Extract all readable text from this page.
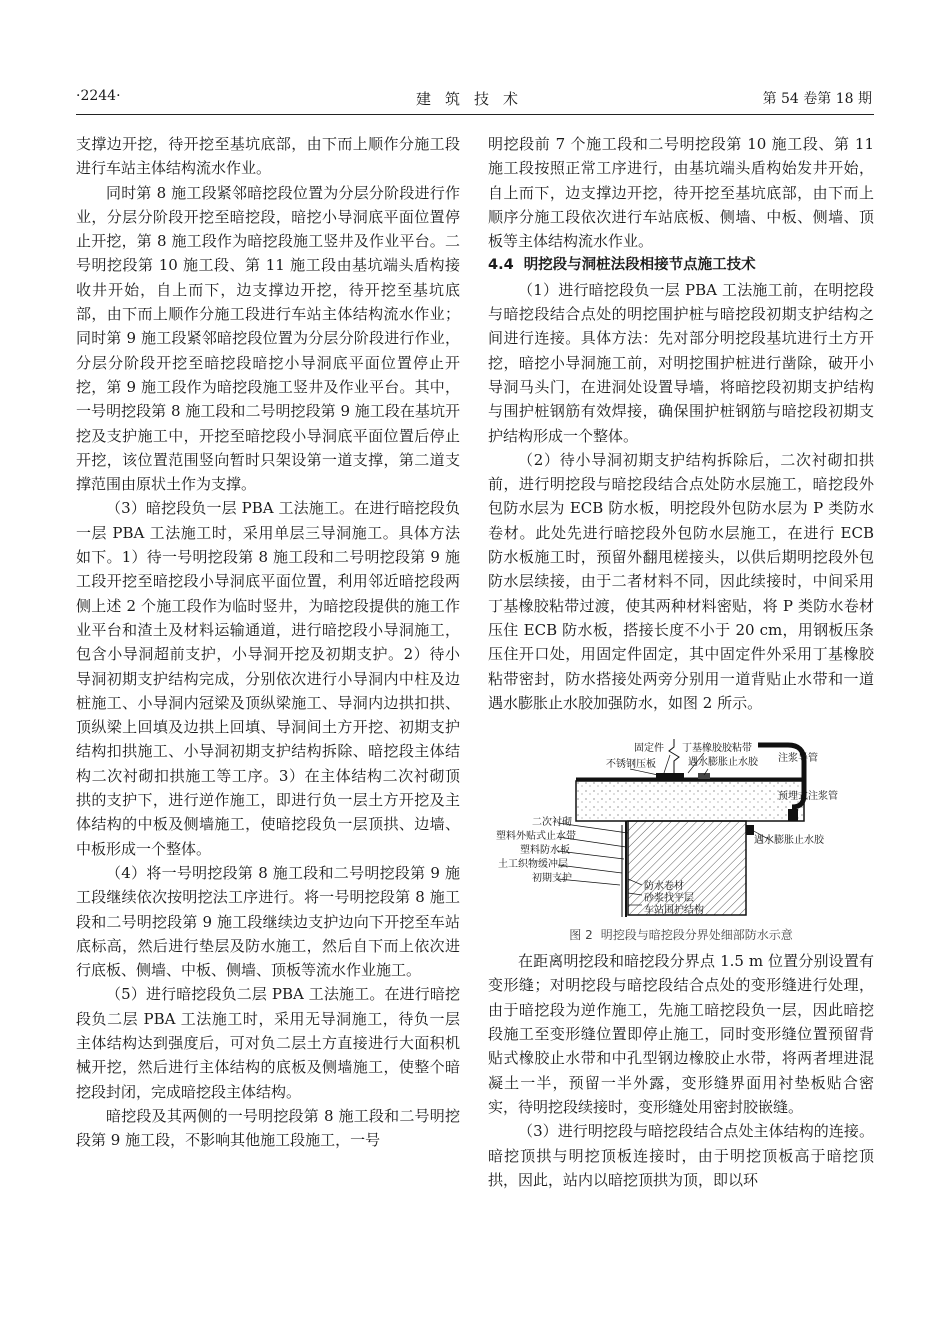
·2244·	建筑技术	第 54 卷第 18 期

支撑边开挖，待开挖至基坑底部，由下而上顺作分施工段进行车站主体结构流水作业。

同时第 8 施工段紧邻暗挖段位置为分层分阶段进行作业，分层分阶段开挖至暗挖段，暗挖小导洞底平面位置停止开挖，第 8 施工段作为暗挖段施工竖井及作业平台。二号明挖段第 10 施工段、第 11 施工段由基坑端头盾构接收井开始，自上而下，边支撑边开挖，待开挖至基坑底部，由下而上顺作分施工段进行车站主体结构流水作业；同时第 9 施工段紧邻暗挖段位置为分层分阶段进行作业，分层分阶段开挖至暗挖段暗挖小导洞底平面位置停止开挖，第 9 施工段作为暗挖段施工竖井及作业平台。其中，一号明挖段第 8 施工段和二号明挖段第 9 施工段在基坑开挖及支护施工中，开挖至暗挖段小导洞底平面位置后停止开挖，该位置范围竖向暂时只架设第一道支撑，第二道支撑范围由原状土作为支撑。

（3）暗挖段负一层 PBA 工法施工。在进行暗挖段负一层 PBA 工法施工时，采用单层三导洞施工。具体方法如下。1）待一号明挖段第 8 施工段和二号明挖段第 9 施工段开挖至暗挖段小导洞底平面位置，利用邻近暗挖段两侧上述 2 个施工段作为临时竖井，为暗挖段提供的施工作业平台和渣土及材料运输通道，进行暗挖段小导洞施工，包含小导洞超前支护，小导洞开挖及初期支护。2）待小导洞初期支护结构完成，分别依次进行小导洞内中柱及边桩施工、小导洞内冠梁及顶纵梁施工、导洞内边拱扣拱、顶纵梁上回填及边拱上回填、导洞间土方开挖、初期支护结构扣拱施工、小导洞初期支护结构拆除、暗挖段主体结构二次衬砌扣拱施工等工序。3）在主体结构二次衬砌顶拱的支护下，进行逆作施工，即进行负一层土方开挖及主体结构的中板及侧墙施工，使暗挖段负一层顶拱、边墙、中板形成一个整体。

（4）将一号明挖段第 8 施工段和二号明挖段第 9 施工段继续依次按明挖法工序进行。将一号明挖段第 8 施工段和二号明挖段第 9 施工段继续边支护边向下开挖至车站底标高，然后进行垫层及防水施工，然后自下而上依次进行底板、侧墙、中板、侧墙、顶板等流水作业施工。

（5）进行暗挖段负二层 PBA 工法施工。在进行暗挖段负二层 PBA 工法施工时，采用无导洞施工，待负一层主体结构达到强度后，可对负二层土方直接进行大面积机械开挖，然后进行主体结构的底板及侧墙施工，使整个暗挖段封闭，完成暗挖段主体结构。

暗挖段及其两侧的一号明挖段第 8 施工段和二号明挖段第 9 施工段，不影响其他施工段施工，一号

明挖段前 7 个施工段和二号明挖段第 10 施工段、第 11 施工段按照正常工序进行，由基坑端头盾构始发井开始，自上而下，边支撑边开挖，待开挖至基坑底部，由下而上顺序分施工段依次进行车站底板、侧墙、中板、侧墙、顶板等主体结构流水作业。

4.4 明挖段与洞桩法段相接节点施工技术

（1）进行暗挖段负一层 PBA 工法施工前，在明挖段与暗挖段结合点处的明挖围护桩与暗挖段初期支护结构之间进行连接。具体方法：先对部分明挖段基坑进行土方开挖，暗挖小导洞施工前，对明挖围护桩进行凿除，破开小导洞马头门，在进洞处设置导墙，将暗挖段初期支护结构与围护桩钢筋有效焊接，确保围护桩钢筋与暗挖段初期支护结构形成一个整体。

（2）待小导洞初期支护结构拆除后，二次衬砌扣拱前，进行明挖段与暗挖段结合点处防水层施工，暗挖段外包防水层为 ECB 防水板，明挖段外包防水层为 P 类防水卷材。此处先进行暗挖段外包防水层施工，在进行 ECB 防水板施工时，预留外翻甩槎接头，以供后期明挖段外包防水层续接，由于二者材料不同，因此续接时，中间采用丁基橡胶粘带过渡，使其两种材料密贴，将 P 类防水卷材压住 ECB 防水板，搭接长度不小于 20 cm，用钢板压条压住开口处，用固定件固定，其中固定件外采用丁基橡胶粘带密封，防水搭接处两旁分别用一道背贴止水带和一道遇水膨胀止水胶加强防水，如图 2 所示。

固定件 丁基橡胶胶粘带
不锈钢压板	遇水膨胀止水胶 注浆导管
预埋式注浆管
二次衬砌
塑料外贴式止水带
塑料防水板
土工织物缓冲层
初期支护
遇水膨胀止水胶
防水卷材
砂浆找平层
车站围护结构
图 2 明挖段与暗挖段分界处细部防水示意

在距离明挖段和暗挖段分界点 1.5 m 位置分别设置有变形缝；对明挖段与暗挖段结合点处的变形缝进行处理，由于暗挖段为逆作施工，先施工暗挖段负一层，因此暗挖段施工至变形缝位置即停止施工，同时变形缝位置预留背贴式橡胶止水带和中孔型钢边橡胶止水带，将两者埋进混凝土一半，预留一半外露，变形缝界面用衬垫板贴合密实，待明挖段续接时，变形缝处用密封胶嵌缝。

（3）进行明挖段与暗挖段结合点处主体结构的连接。暗挖顶拱与明挖顶板连接时，由于明挖顶板高于暗挖顶拱，因此，站内以暗挖顶拱为顶，即以环
